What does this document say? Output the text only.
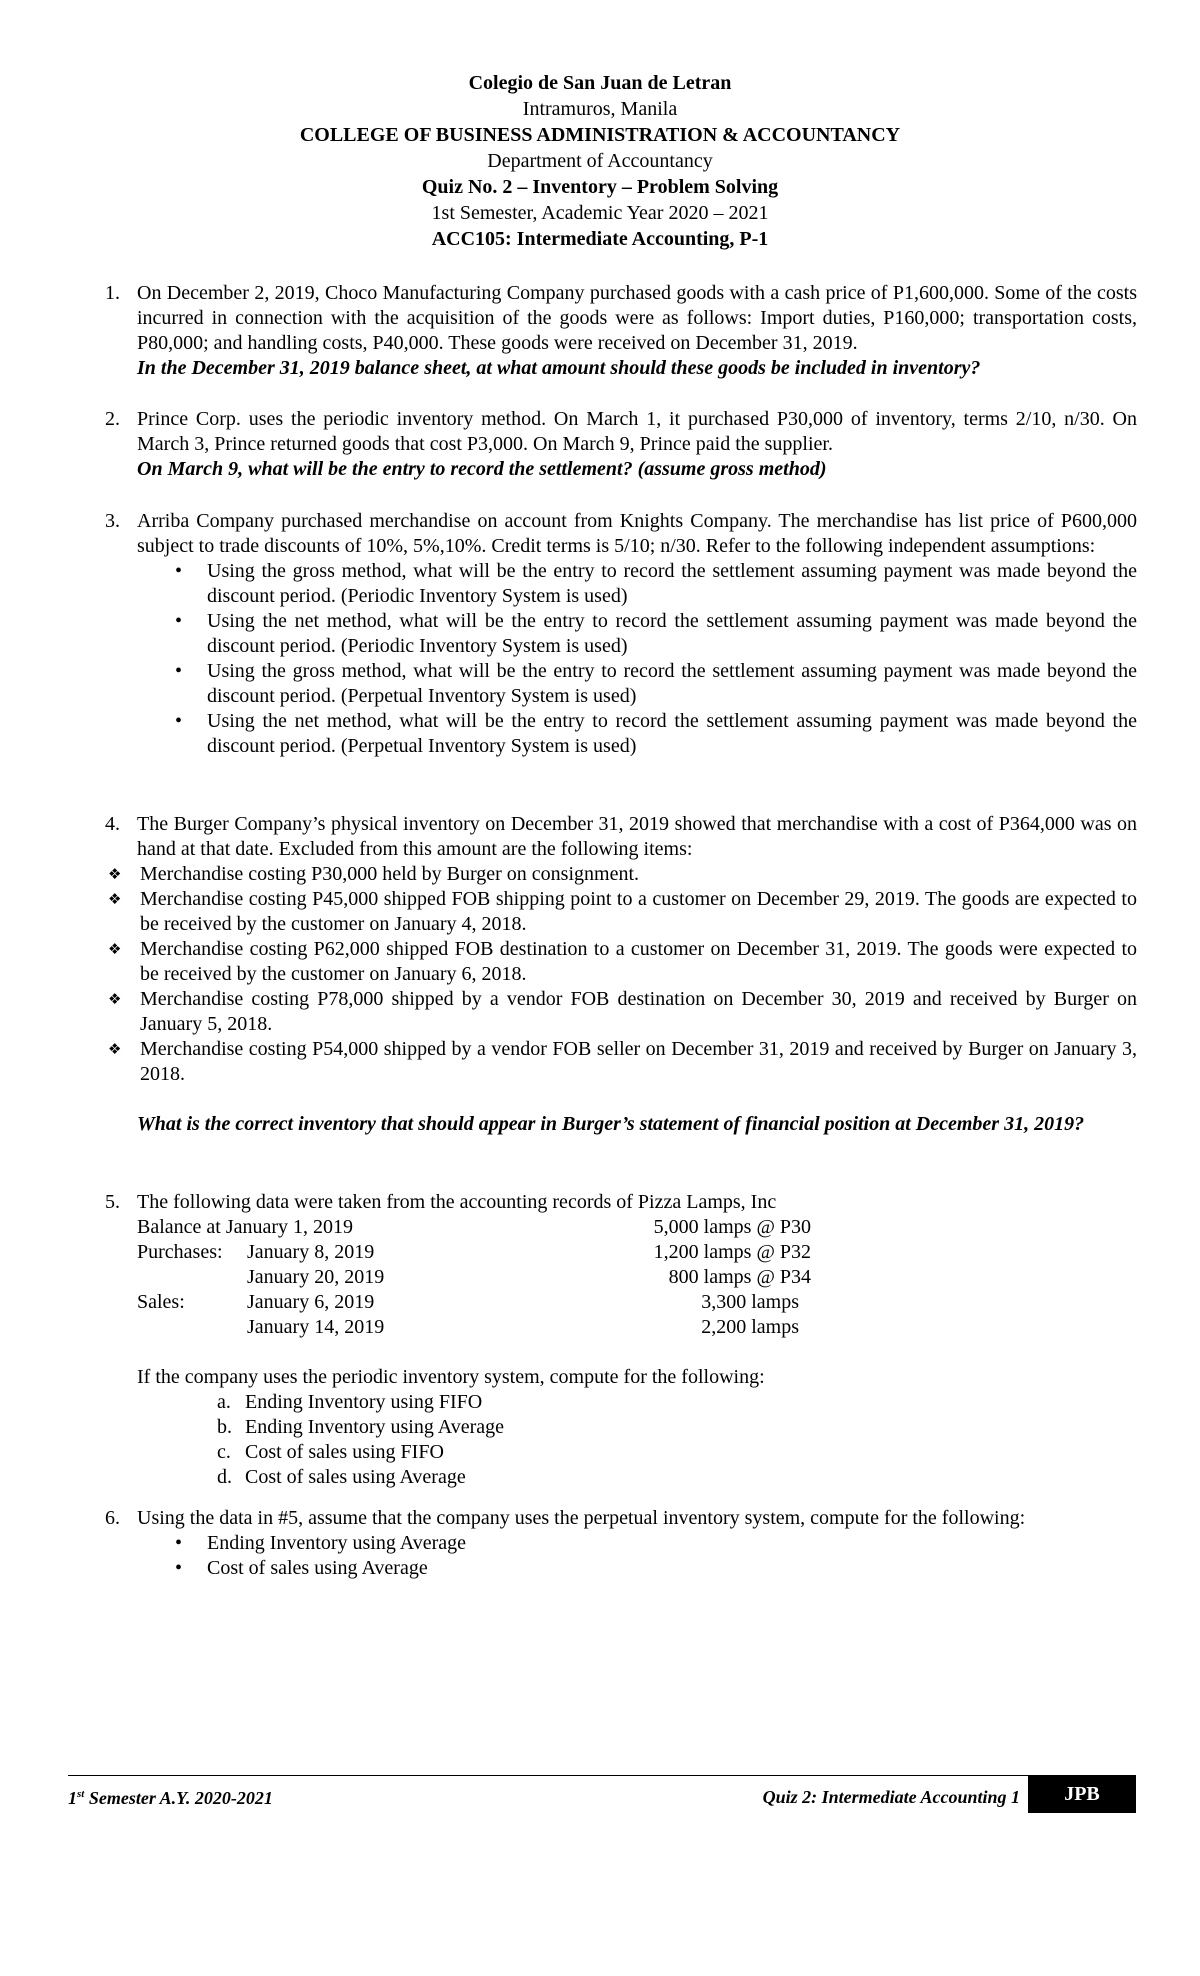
Colegio de San Juan de Letran
Intramuros, Manila
COLLEGE OF BUSINESS ADMINISTRATION & ACCOUNTANCY
Department of Accountancy
Quiz No. 2 – Inventory – Problem Solving
1st Semester, Academic Year 2020 – 2021
ACC105: Intermediate Accounting, P-1
1. On December 2, 2019, Choco Manufacturing Company purchased goods with a cash price of P1,600,000. Some of the costs incurred in connection with the acquisition of the goods were as follows: Import duties, P160,000; transportation costs, P80,000; and handling costs, P40,000. These goods were received on December 31, 2019.

In the December 31, 2019 balance sheet, at what amount should these goods be included in inventory?

2. Prince Corp. uses the periodic inventory method. On March 1, it purchased P30,000 of inventory, terms 2/10, n/30. On March 3, Prince returned goods that cost P3,000. On March 9, Prince paid the supplier.

On March 9, what will be the entry to record the settlement? (assume gross method)

3. Arriba Company purchased merchandise on account from Knights Company. The merchandise has list price of P600,000 subject to trade discounts of 10%, 5%,10%. Credit terms is 5/10; n/30. Refer to the following independent assumptions:

• Using the gross method, what will be the entry to record the settlement assuming payment was made beyond the discount period. (Periodic Inventory System is used)
• Using the net method, what will be the entry to record the settlement assuming payment was made beyond the discount period. (Periodic Inventory System is used)
• Using the gross method, what will be the entry to record the settlement assuming payment was made beyond the discount period. (Perpetual Inventory System is used)
• Using the net method, what will be the entry to record the settlement assuming payment was made beyond the discount period. (Perpetual Inventory System is used)
4. The Burger Company’s physical inventory on December 31, 2019 showed that merchandise with a cost of P364,000 was on hand at that date. Excluded from this amount are the following items:

❖ Merchandise costing P30,000 held by Burger on consignment.
❖ Merchandise costing P45,000 shipped FOB shipping point to a customer on December 29, 2019. The goods are expected to be received by the customer on January 4, 2018.
❖ Merchandise costing P62,000 shipped FOB destination to a customer on December 31, 2019. The goods were expected to be received by the customer on January 6, 2018.
❖ Merchandise costing P78,000 shipped by a vendor FOB destination on December 30, 2019 and received by Burger on January 5, 2018.
❖ Merchandise costing P54,000 shipped by a vendor FOB seller on December 31, 2019 and received by Burger on January 3, 2018.

What is the correct inventory that should appear in Burger’s statement of financial position at December 31, 2019?

5. The following data were taken from the accounting records of Pizza Lamps, Inc

Balance at January 1, 2019		5,000 lamps @ P30
Purchases:	January 8, 2019	1,200 lamps @ P32
	January 20, 2019	800 lamps @ P34
Sales:	January 6, 2019	3,300 lamps
	January 14, 2019	2,200 lamps

If the company uses the periodic inventory system, compute for the following:

a. Ending Inventory using FIFO
b. Ending Inventory using Average
c. Cost of sales using FIFO
d. Cost of sales using Average
6. Using the data in #5, assume that the company uses the perpetual inventory system, compute for the following:

• Ending Inventory using Average
• Cost of sales using Average
1st Semester A.Y. 2020-2021	Quiz 2: Intermediate Accounting 1	JPB
